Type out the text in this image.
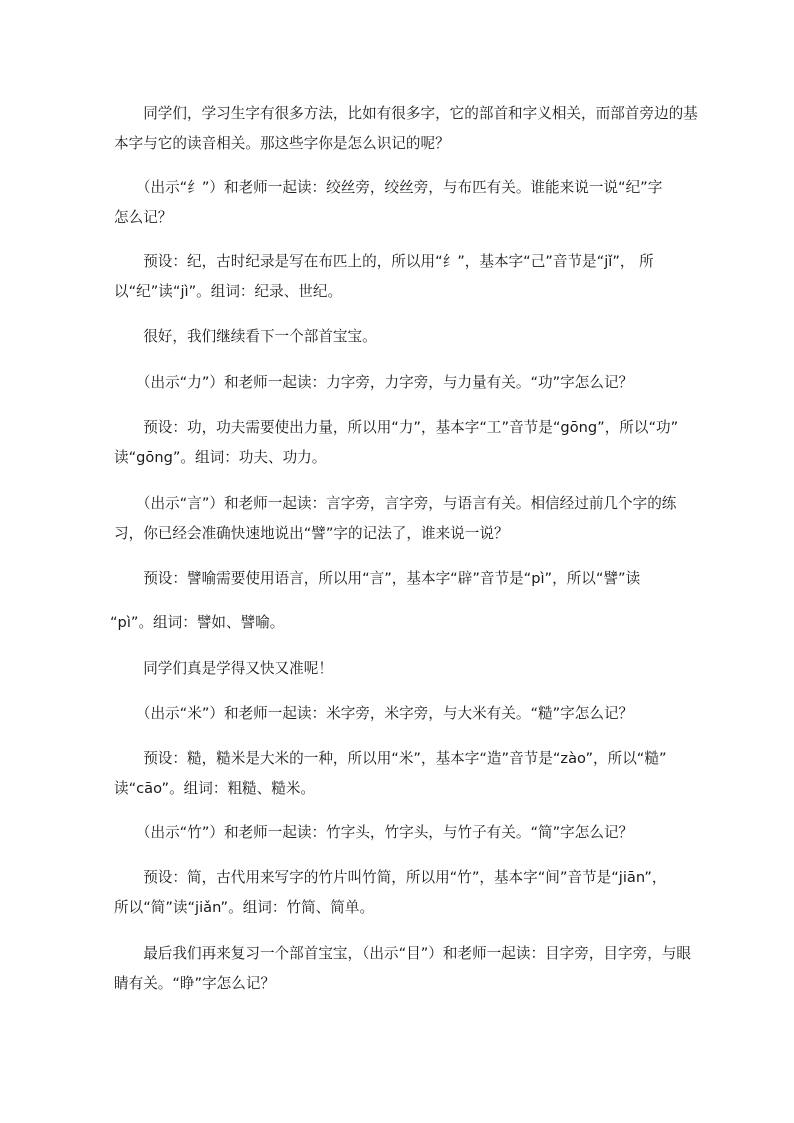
　　同学们，学习生字有很多方法，比如有很多字，它的部首和字义相关，而部首旁边的基
本字与它的读音相关。那这些字你是怎么识记的呢？

　　（出示“纟”）和老师一起读：绞丝旁，绞丝旁，与布匹有关。谁能来说一说“纪”字
怎么记？

　　预设：纪，古时纪录是写在布匹上的，所以用“纟”，基本字“己”音节是“jǐ”， 所
以“纪”读“jì”。组词：纪录、世纪。

　　很好，我们继续看下一个部首宝宝。

　　（出示“力”）和老师一起读：力字旁，力字旁，与力量有关。“功”字怎么记？

　　预设：功，功夫需要使出力量，所以用“力”，基本字“工”音节是“gōng”，所以“功”
读“gōng”。组词：功夫、功力。

　　（出示“言”）和老师一起读：言字旁，言字旁，与语言有关。相信经过前几个字的练
习，你已经会准确快速地说出“譬”字的记法了，谁来说一说？

　　预设：譬喻需要使用语言，所以用“言”，基本字“辟”音节是“pì”，所以“譬”读

“pì”。组词：譬如、譬喻。

　　同学们真是学得又快又准呢！

　　（出示“米”）和老师一起读：米字旁，米字旁，与大米有关。“糙”字怎么记？

　　预设：糙，糙米是大米的一种，所以用“米”，基本字“造”音节是“zào”，所以“糙”
读“cāo”。组词：粗糙、糙米。

　　（出示“竹”）和老师一起读：竹字头，竹字头，与竹子有关。“简”字怎么记？

　　预设：简，古代用来写字的竹片叫竹简，所以用“竹”，基本字“间”音节是“jiān”，
所以“简”读“jiǎn”。组词：竹简、简单。

　　最后我们再来复习一个部首宝宝，（出示“目”）和老师一起读：目字旁，目字旁，与眼
睛有关。“睁”字怎么记？
